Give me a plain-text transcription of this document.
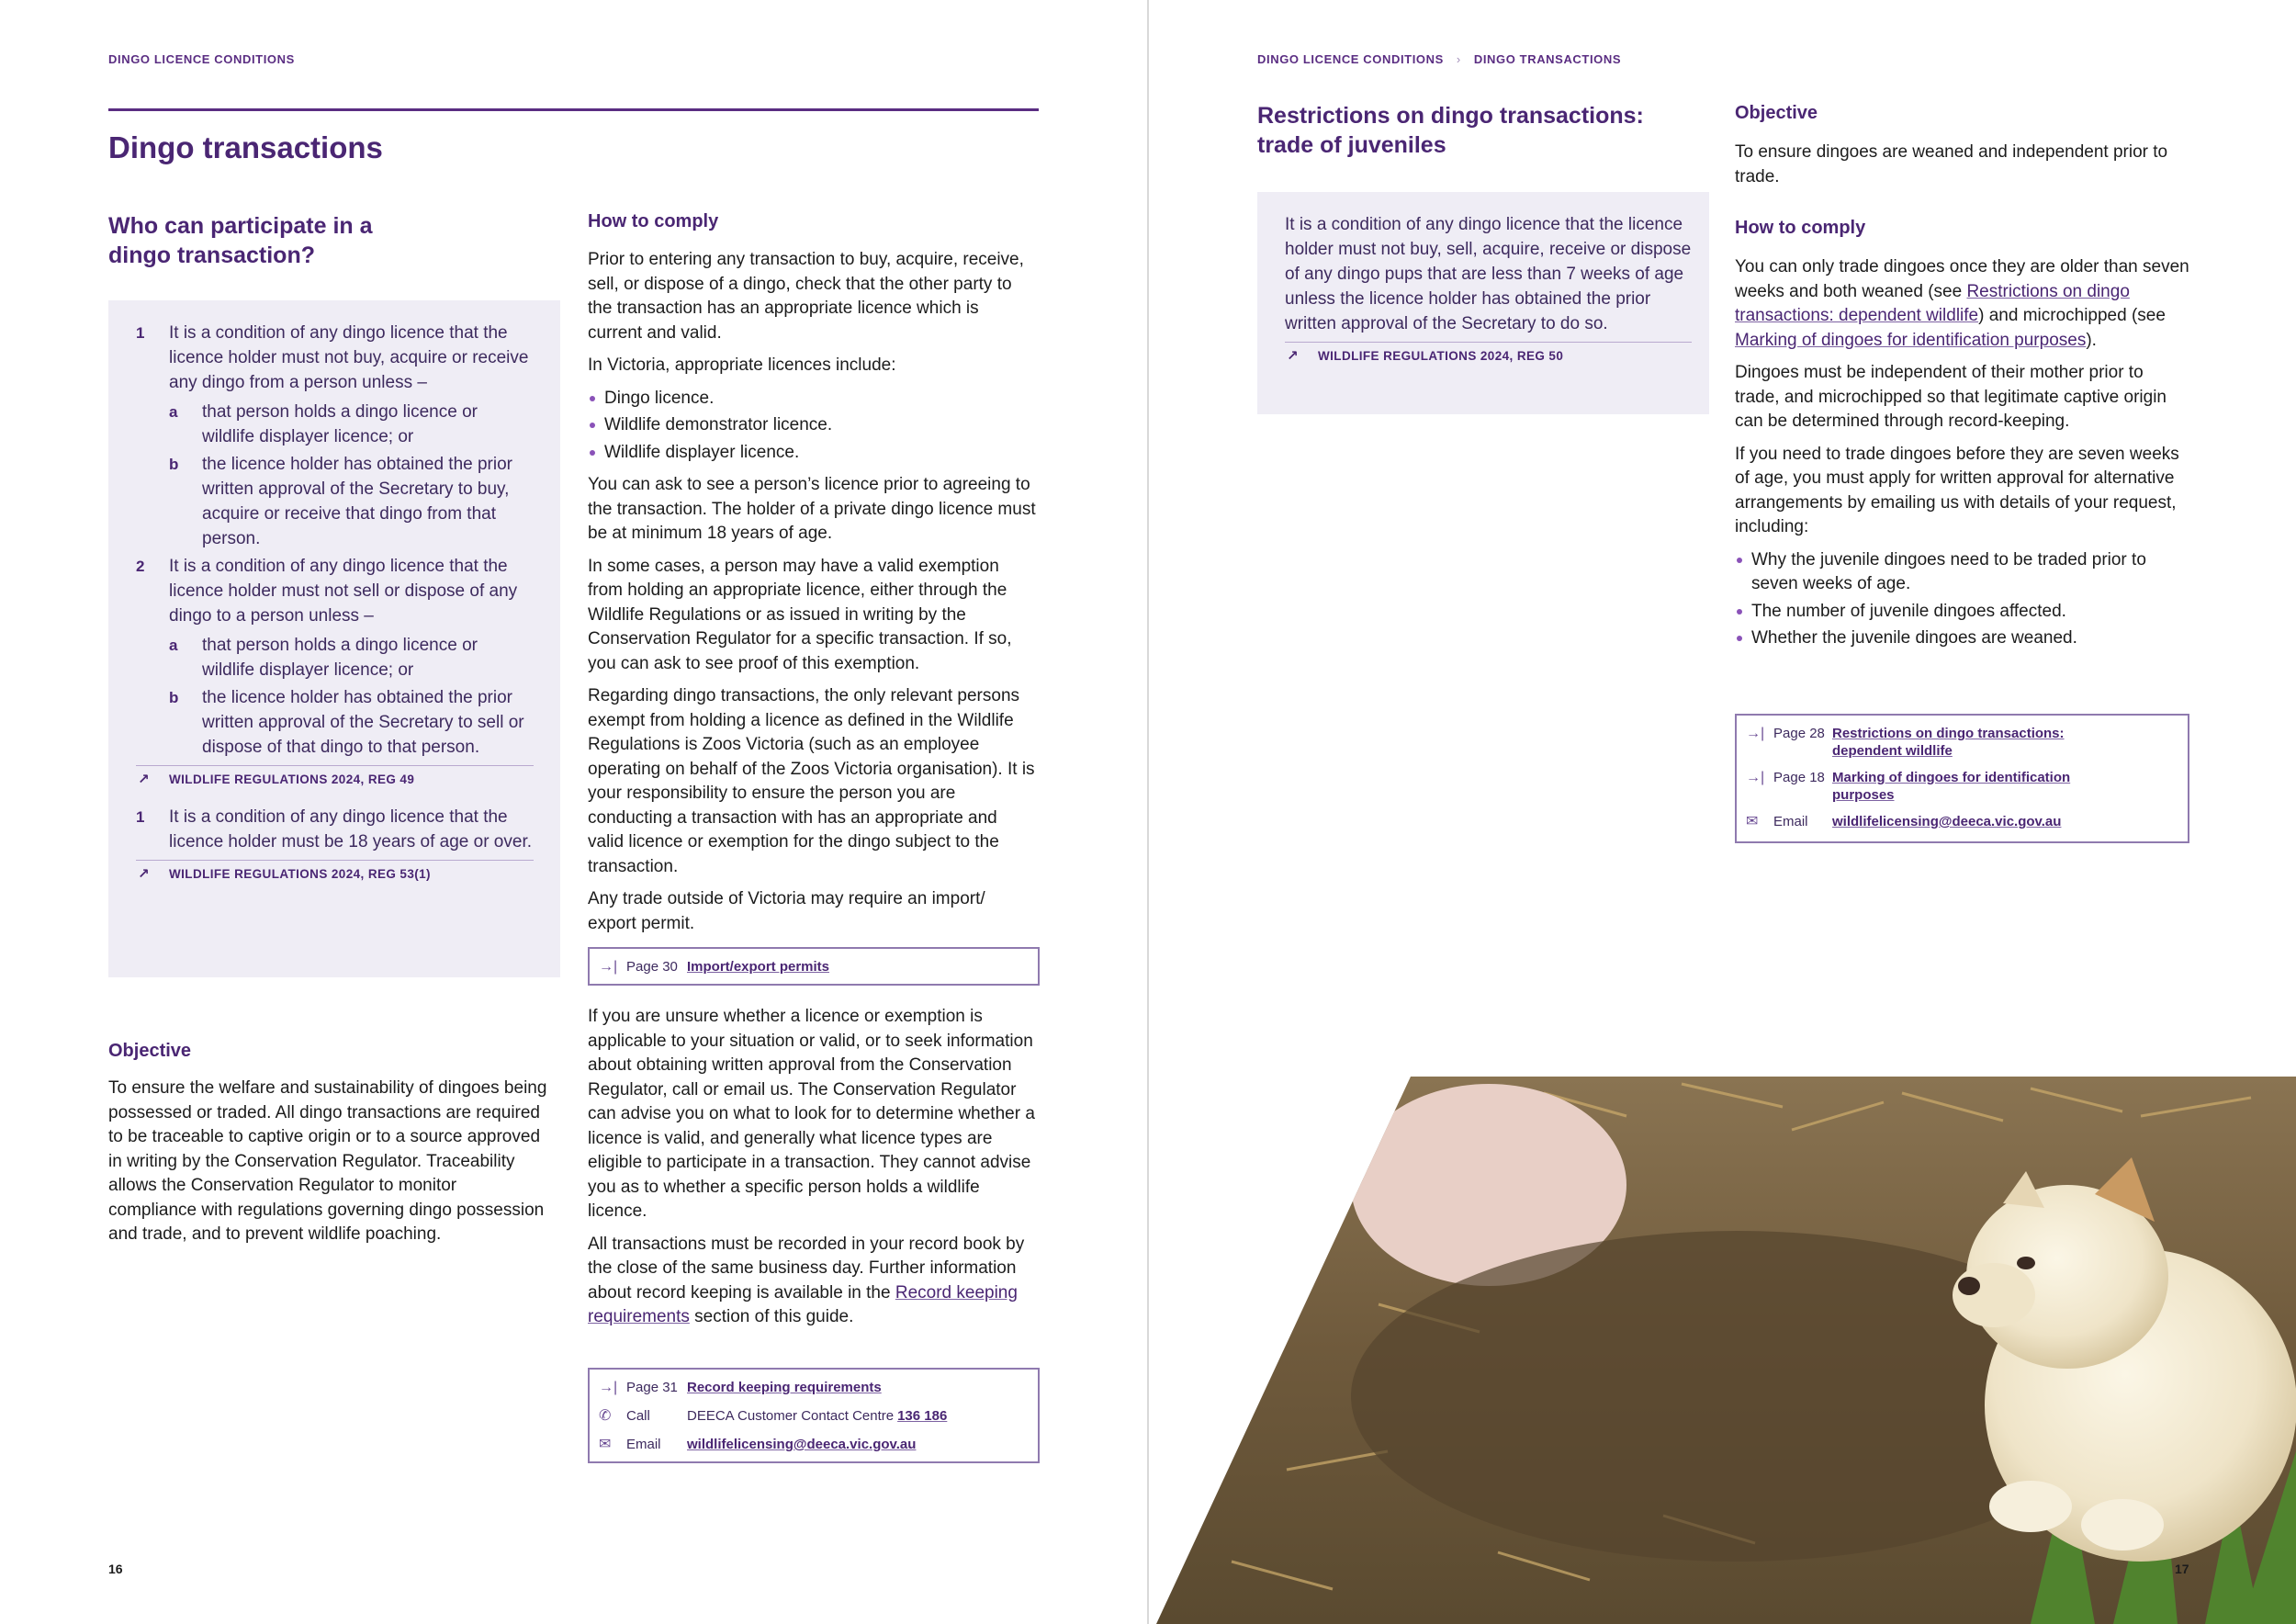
DINGO LICENCE CONDITIONS
Dingo transactions
Who can participate in a dingo transaction?
1 It is a condition of any dingo licence that the licence holder must not buy, acquire or receive any dingo from a person unless –
a that person holds a dingo licence or wildlife displayer licence; or
b the licence holder has obtained the prior written approval of the Secretary to buy, acquire or receive that dingo from that person.
2 It is a condition of any dingo licence that the licence holder must not sell or dispose of any dingo to a person unless –
a that person holds a dingo licence or wildlife displayer licence; or
b the licence holder has obtained the prior written approval of the Secretary to sell or dispose of that dingo to that person.
↗ WILDLIFE REGULATIONS 2024, REG 49
1 It is a condition of any dingo licence that the licence holder must be 18 years of age or over.
↗ WILDLIFE REGULATIONS 2024, REG 53(1)
Objective
To ensure the welfare and sustainability of dingoes being possessed or traded. All dingo transactions are required to be traceable to captive origin or to a source approved in writing by the Conservation Regulator. Traceability allows the Conservation Regulator to monitor compliance with regulations governing dingo possession and trade, and to prevent wildlife poaching.
How to comply

Prior to entering any transaction to buy, acquire, receive, sell, or dispose of a dingo, check that the other party to the transaction has an appropriate licence which is current and valid.

In Victoria, appropriate licences include:

Dingo licence.
Wildlife demonstrator licence.
Wildlife displayer licence.

You can ask to see a person’s licence prior to agreeing to the transaction. The holder of a private dingo licence must be at minimum 18 years of age.

In some cases, a person may have a valid exemption from holding an appropriate licence, either through the Wildlife Regulations or as issued in writing by the Conservation Regulator for a specific transaction. If so, you can ask to see proof of this exemption.

Regarding dingo transactions, the only relevant persons exempt from holding a licence as defined in the Wildlife Regulations is Zoos Victoria (such as an employee operating on behalf of the Zoos Victoria organisation). It is your responsibility to ensure the person you are conducting a transaction with has an appropriate and valid licence or exemption for the dingo subject to the transaction.

Any trade outside of Victoria may require an import/ export permit.

→| Page 30 Import/export permits

If you are unsure whether a licence or exemption is applicable to your situation or valid, or to seek information about obtaining written approval from the Conservation Regulator, call or email us. The Conservation Regulator can advise you on what to look for to determine whether a licence is valid, and generally what licence types are eligible to participate in a transaction. They cannot advise you as to whether a specific person holds a wildlife licence.

All transactions must be recorded in your record book by the close of the same business day. Further information about record keeping is available in the Record keeping requirements section of this guide.

→| Page 31 Record keeping requirements
✆	Call	DEECA Customer Contact Centre 136 186
✉	Email	wildlifelicensing@deeca.vic.gov.au
16
DINGO LICENCE CONDITIONS › DINGO TRANSACTIONS
Restrictions on dingo transactions: trade of juveniles
It is a condition of any dingo licence that the licence holder must not buy, sell, acquire, receive or dispose of any dingo pups that are less than 7 weeks of age unless the licence holder has obtained the prior written approval of the Secretary to do so.
↗ WILDLIFE REGULATIONS 2024, REG 50
Objective
To ensure dingoes are weaned and independent prior to trade.
How to comply

You can only trade dingoes once they are older than seven weeks and both weaned (see Restrictions on dingo transactions: dependent wildlife) and microchipped (see Marking of dingoes for identification purposes).

Dingoes must be independent of their mother prior to trade, and microchipped so that legitimate captive origin can be determined through record-keeping.

If you need to trade dingoes before they are seven weeks of age, you must apply for written approval for alternative arrangements by emailing us with details of your request, including:

Why the juvenile dingoes need to be traded prior to seven weeks of age.
The number of juvenile dingoes affected.
Whether the juvenile dingoes are weaned.
→| Page 28 Restrictions on dingo transactions: dependent wildlife
→| Page 18 Marking of dingoes for identification purposes
✉	Email	wildlifelicensing@deeca.vic.gov.au
17
